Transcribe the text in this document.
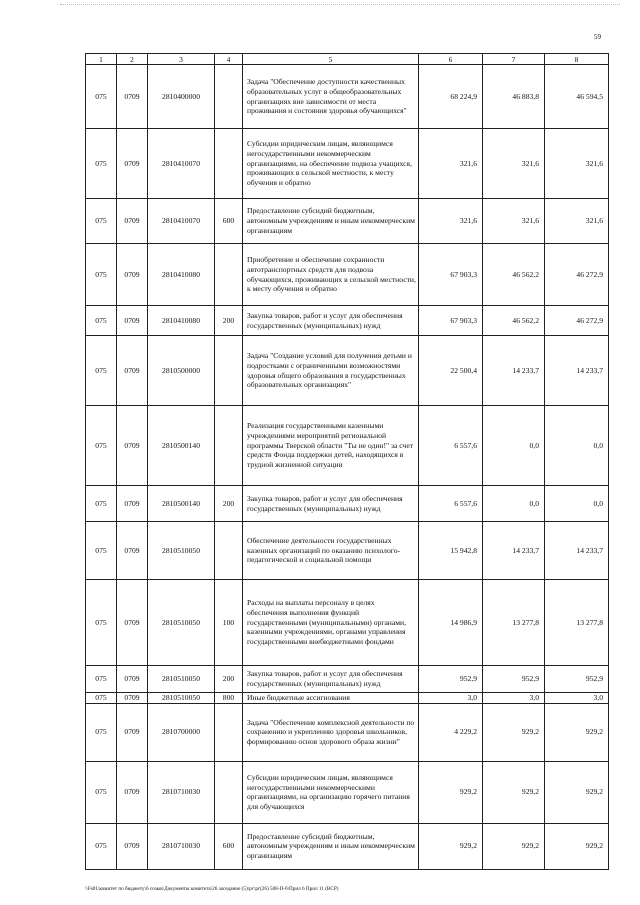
59
1	2	3	4	5	6	7	8
075	0709	2810400000		Задача "Обеспечение доступности качественных образовательных услуг в общеобразовательных организациях вне зависимости от места проживания и состояния здоровья обучающихся"	68 224,9	46 883,8	46 594,5
075	0709	2810410070		Субсидии юридическим лицам, являющимся негосударственными некоммерческим организациями, на обеспечение подвоза учащихся, проживающих в сельской местности, к месту обучения и обратно	321,6	321,6	321,6
075	0709	2810410070	600	Предоставление субсидий бюджетным, автономным учреждениям и иным некоммерческим организациям	321,6	321,6	321,6
075	0709	2810410080		Приобретение и обеспечение сохранности автотранспортных средств для подвоза обучающихся, проживающих в сельской местности, к месту обучения и обратно	67 903,3	46 562,2	46 272,9
075	0709	2810410080	200	Закупка товаров, работ и услуг для обеспечения государственных (муниципальных) нужд	67 903,3	46 562,2	46 272,9
075	0709	2810500000		Задача "Создание условий для получения детьми и подростками с ограниченными возможностями здоровья общего образования в государственных образовательных организациях"	22 500,4	14 233,7	14 233,7
075	0709	2810500140		Реализация государственными казенными учреждениями мероприятий региональной программы Тверской области "Ты не один!" за счет средств Фонда поддержки детей, находящихся в трудной жизненной ситуации	6 557,6	0,0	0,0
075	0709	2810500140	200	Закупка товаров, работ и услуг для обеспечения государственных (муниципальных) нужд	6 557,6	0,0	0,0
075	0709	2810510050		Обеспечение деятельности государственных казенных организаций по оказанию психолого-педагогической и социальной помощи	15 942,8	14 233,7	14 233,7
075	0709	2810510050	100	Расходы на выплаты персоналу в целях обеспечения выполнения функций государственными (муниципальными) органами, казенными учреждениями, органами управления государственными внебюджетными фондами	14 986,9	13 277,8	13 277,8
075	0709	2810510050	200	Закупка товаров, работ и услуг для обеспечения государственных (муниципальных) нужд	952,9	952,9	952,9
075	0709	2810510050	800	Иные бюджетные ассигнования	3,0	3,0	3,0
075	0709	2810700000		Задача "Обеспечение комплексной деятельности по сохранению и укреплению здоровья школьников, формированию основ здорового образа жизни"	4 229,2	929,2	929,2
075	0709	2810710030		Субсидии юридическим лицам, являющимся негосударственными некоммерческими организациями, на организацию горячего питания для обучающихся	929,2	929,2	929,2
075	0709	2810710030	600	Предоставление субсидий бюджетным, автономным учреждениям и иным некоммерческим организациям	929,2	929,2	929,2
\\Fs01\комитет по бюджету\6 созыв\Документы комитета\26 заседание (5)\рг\рг(26) 508-П-6\Прил 6 Прил 11 (ВСР)
